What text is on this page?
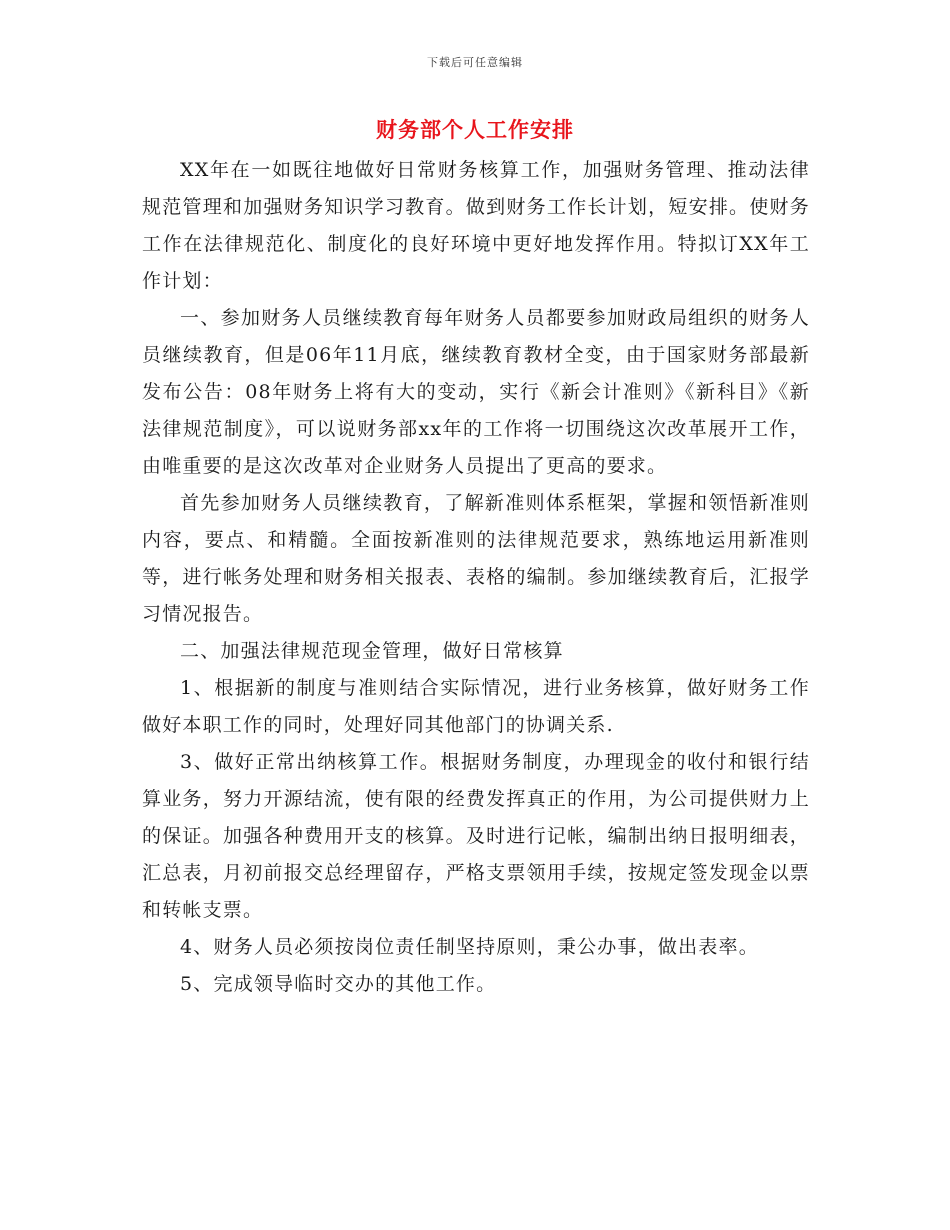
下载后可任意编辑
财务部个人工作安排

XX年在一如既往地做好日常财务核算工作，加强财务管理、推动法律规范管理和加强财务知识学习教育。做到财务工作长计划，短安排。使财务工作在法律规范化、制度化的良好环境中更好地发挥作用。特拟订XX年工作计划：

一、参加财务人员继续教育每年财务人员都要参加财政局组织的财务人员继续教育，但是06年11月底，继续教育教材全变，由于国家财务部最新发布公告：08年财务上将有大的变动，实行《新会计准则》《新科目》《新法律规范制度》，可以说财务部xx年的工作将一切围绕这次改革展开工作，由唯重要的是这次改革对企业财务人员提出了更高的要求。

首先参加财务人员继续教育，了解新准则体系框架，掌握和领悟新准则内容，要点、和精髓。全面按新准则的法律规范要求，熟练地运用新准则等，进行帐务处理和财务相关报表、表格的编制。参加继续教育后，汇报学习情况报告。

二、加强法律规范现金管理，做好日常核算

1、根据新的制度与准则结合实际情况，进行业务核算，做好财务工作做好本职工作的同时，处理好同其他部门的协调关系.

3、做好正常出纳核算工作。根据财务制度，办理现金的收付和银行结算业务，努力开源结流，使有限的经费发挥真正的作用，为公司提供财力上的保证。加强各种费用开支的核算。及时进行记帐，编制出纳日报明细表，汇总表，月初前报交总经理留存，严格支票领用手续，按规定签发现金以票和转帐支票。

4、财务人员必须按岗位责任制坚持原则，秉公办事，做出表率。

5、完成领导临时交办的其他工作。
